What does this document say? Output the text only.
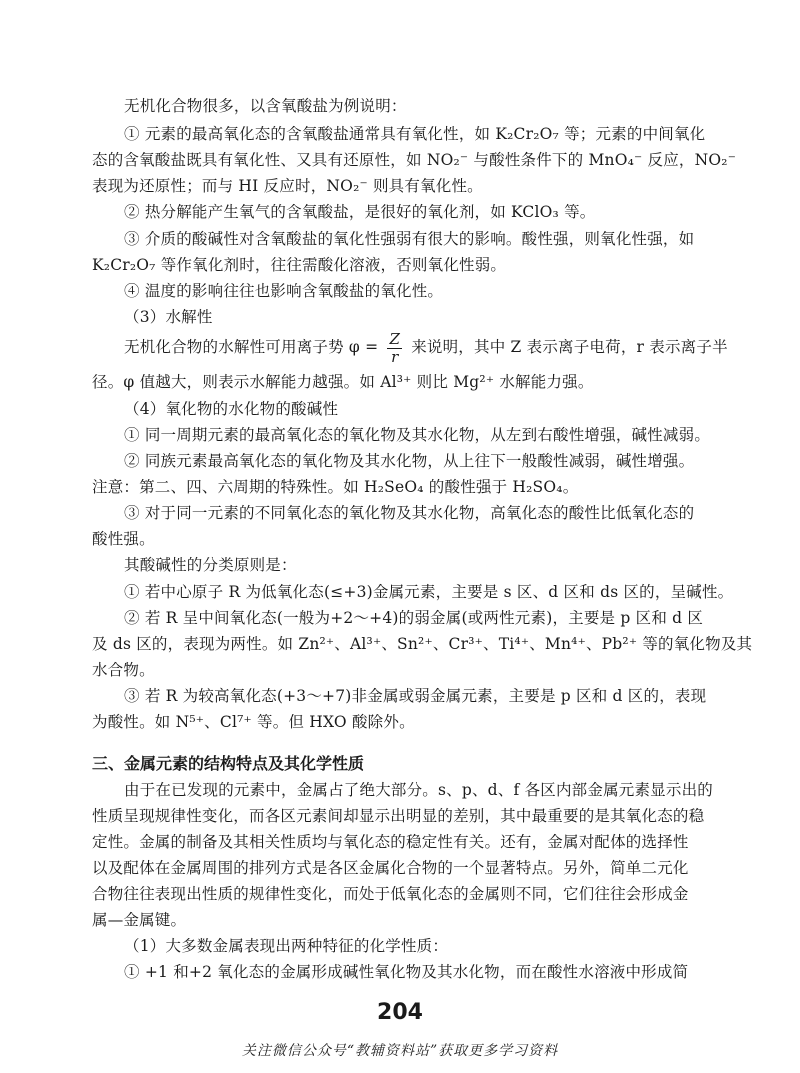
无机化合物很多，以含氧酸盐为例说明：
① 元素的最高氧化态的含氧酸盐通常具有氧化性，如 K₂Cr₂O₇ 等；元素的中间氧化
态的含氧酸盐既具有氧化性、又具有还原性，如 NO₂⁻ 与酸性条件下的 MnO₄⁻ 反应，NO₂⁻
表现为还原性；而与 HI 反应时，NO₂⁻ 则具有氧化性。
② 热分解能产生氧气的含氧酸盐，是很好的氧化剂，如 KClO₃ 等。
③ 介质的酸碱性对含氧酸盐的氧化性强弱有很大的影响。酸性强，则氧化性强，如
K₂Cr₂O₇ 等作氧化剂时，往往需酸化溶液，否则氧化性弱。
④ 温度的影响往往也影响含氧酸盐的氧化性。
（3）水解性
无机化合物的水解性可用离子势 $\varphi = \frac{Z}{r}$ 来说明，其中 Z 表示离子电荷，r 表示离子半
径。φ 值越大，则表示水解能力越强。如 Al³⁺ 则比 Mg²⁺ 水解能力强。
（4）氧化物的水化物的酸碱性
① 同一周期元素的最高氧化态的氧化物及其水化物，从左到右酸性增强，碱性减弱。
② 同族元素最高氧化态的氧化物及其水化物，从上往下一般酸性减弱，碱性增强。
注意：第二、四、六周期的特殊性。如 H₂SeO₄ 的酸性强于 H₂SO₄。
③ 对于同一元素的不同氧化态的氧化物及其水化物，高氧化态的酸性比低氧化态的
酸性强。
其酸碱性的分类原则是：
① 若中心原子 R 为低氧化态(≤+3)金属元素，主要是 s 区、d 区和 ds 区的，呈碱性。
② 若 R 呈中间氧化态(一般为+2～+4)的弱金属(或两性元素)，主要是 p 区和 d 区
及 ds 区的，表现为两性。如 Zn²⁺、Al³⁺、Sn²⁺、Cr³⁺、Ti⁴⁺、Mn⁴⁺、Pb²⁺ 等的氧化物及其
水合物。
③ 若 R 为较高氧化态(+3～+7)非金属或弱金属元素，主要是 p 区和 d 区的，表现
为酸性。如 N⁵⁺、Cl⁷⁺ 等。但 HXO 酸除外。
三、金属元素的结构特点及其化学性质
由于在已发现的元素中，金属占了绝大部分。s、p、d、f 各区内部金属元素显示出的
性质呈现规律性变化，而各区元素间却显示出明显的差别，其中最重要的是其氧化态的稳
定性。金属的制备及其相关性质均与氧化态的稳定性有关。还有，金属对配体的选择性
以及配体在金属周围的排列方式是各区金属化合物的一个显著特点。另外，简单二元化
合物往往表现出性质的规律性变化，而处于低氧化态的金属则不同，它们往往会形成金
属—金属键。
（1）大多数金属表现出两种特征的化学性质：
① +1 和+2 氧化态的金属形成碱性氧化物及其水化物，而在酸性水溶液中形成简
204
关注微信公众号“教辅资料站”获取更多学习资料
